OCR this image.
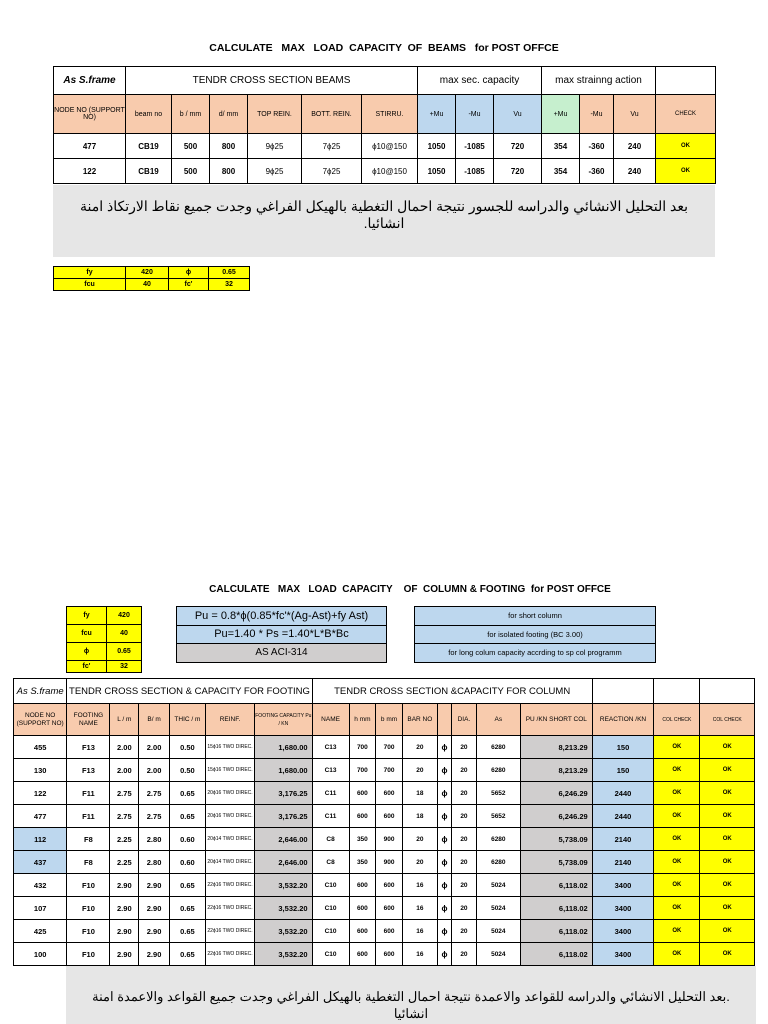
CALCULATE   MAX   LOAD  CAPACITY  OF  BEAMS   for POST OFFCE
As S.frame	TENDR CROSS SECTION BEAMS						max sec. capacity			max strainng action			
NODE NO (SUPPORT NO)	beam no	b / mm	d/ mm	TOP REIN.	BOTT. REIN.	STIRRU.	+Mu	-Mu	Vu	+Mu	-Mu	Vu	CHECK
477	CB19	500	800	9ϕ25	7ϕ25	ϕ10@150	1050	-1085	720	354	-360	240	OK
122	CB19	500	800	9ϕ25	7ϕ25	ϕ10@150	1050	-1085	720	354	-360	240	OK
بعد التحليل الانشائي والدراسه للجسور نتيجة احمال التغطية بالهيكل الفراغي وجدت جميع نقاط الارتكاذ امنة انشائيا.
fy	420	ϕ	0.65
fcu	40	fc'	32
CALCULATE   MAX   LOAD  CAPACITY    OF  COLUMN & FOOTING  for POST OFFCE
fy	420
fcu	40
ϕ	0.65
fc'	32
Pu = 0.8*ϕ(0.85*fc'*(Ag-Ast)+fy Ast)
Pu=1.40 * Ps =1.40*L*B*Bc
AS ACI-314
for short column
for isolated footing (BC 3.00)
for long colum capacity accrding to sp col programm
As S.frame	TENDR CROSS SECTION & CAPACITY FOR FOOTING						TENDR CROSS SECTION &CAPACITY FOR COLUMN										
NODE NO (SUPPORT NO)	FOOTING NAME	L / m	B/ m	THIC / m	REINF.	FOOTING CAPACITY Pu / KN	NAME	h mm	b mm	BAR NO		DIA.	As	PU /KN SHORT COL	REACTION /KN	COL CHECK	COL CHECK
455	F13	2.00	2.00	0.50	15ϕ16 TWO DIREC.	1,680.00	C13	700	700	20	ϕ	20	6280	8,213.29	150	OK	OK
130	F13	2.00	2.00	0.50	15ϕ16 TWO DIREC.	1,680.00	C13	700	700	20	ϕ	20	6280	8,213.29	150	OK	OK
122	F11	2.75	2.75	0.65	20ϕ16 TWO DIREC.	3,176.25	C11	600	600	18	ϕ	20	5652	6,246.29	2440	OK	OK
477	F11	2.75	2.75	0.65	20ϕ16 TWO DIREC.	3,176.25	C11	600	600	18	ϕ	20	5652	6,246.29	2440	OK	OK
112	F8	2.25	2.80	0.60	20ϕ14 TWO DIREC.	2,646.00	C8	350	900	20	ϕ	20	6280	5,738.09	2140	OK	OK
437	F8	2.25	2.80	0.60	20ϕ14 TWO DIREC.	2,646.00	C8	350	900	20	ϕ	20	6280	5,738.09	2140	OK	OK
432	F10	2.90	2.90	0.65	22ϕ16 TWO DIREC.	3,532.20	C10	600	600	16	ϕ	20	5024	6,118.02	3400	OK	OK
107	F10	2.90	2.90	0.65	22ϕ16 TWO DIREC.	3,532.20	C10	600	600	16	ϕ	20	5024	6,118.02	3400	OK	OK
425	F10	2.90	2.90	0.65	22ϕ16 TWO DIREC.	3,532.20	C10	600	600	16	ϕ	20	5024	6,118.02	3400	OK	OK
100	F10	2.90	2.90	0.65	22ϕ16 TWO DIREC.	3,532.20	C10	600	600	16	ϕ	20	5024	6,118.02	3400	OK	OK
.بعد التحليل الانشائي والدراسه للقواعد والاعمدة نتيجة احمال التغطية بالهيكل الفراغي وجدت جميع القواعد والاعمدة امنة انشائيا
